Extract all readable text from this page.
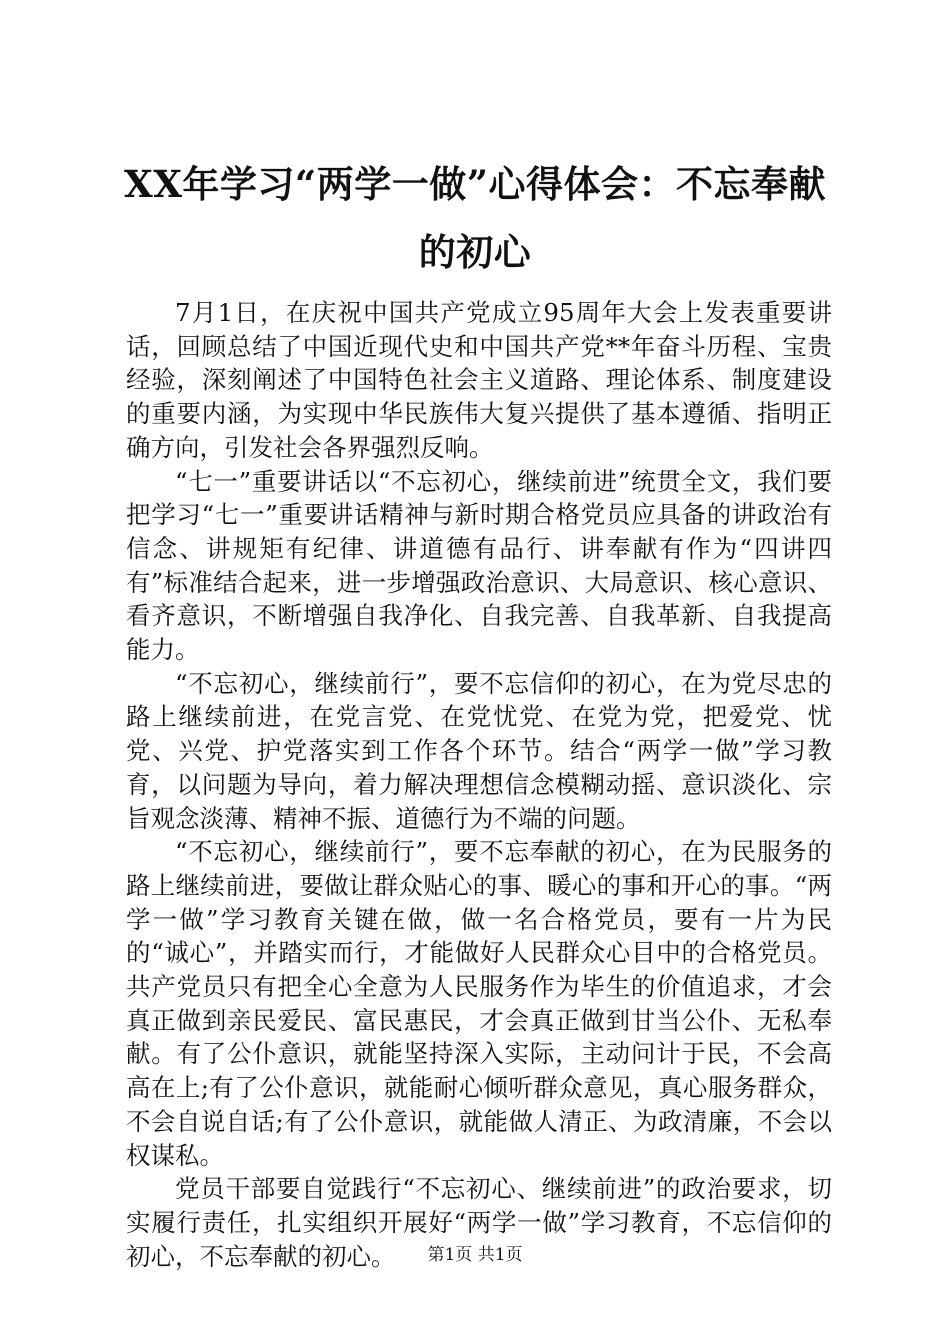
XX年学习“两学一做”心得体会：不忘奉献的初心

7月1日，在庆祝中国共产党成立95周年大会上发表重要讲话，回顾总结了中国近现代史和中国共产党**年奋斗历程、宝贵经验，深刻阐述了中国特色社会主义道路、理论体系、制度建设的重要内涵，为实现中华民族伟大复兴提供了基本遵循、指明正确方向，引发社会各界强烈反响。

“七一”重要讲话以“不忘初心，继续前进”统贯全文，我们要把学习“七一”重要讲话精神与新时期合格党员应具备的讲政治有信念、讲规矩有纪律、讲道德有品行、讲奉献有作为“四讲四有”标准结合起来，进一步增强政治意识、大局意识、核心意识、看齐意识，不断增强自我净化、自我完善、自我革新、自我提高能力。

“不忘初心，继续前行”，要不忘信仰的初心，在为党尽忠的路上继续前进，在党言党、在党忧党、在党为党，把爱党、忧党、兴党、护党落实到工作各个环节。结合“两学一做”学习教育，以问题为导向，着力解决理想信念模糊动摇、意识淡化、宗旨观念淡薄、精神不振、道德行为不端的问题。

“不忘初心，继续前行”，要不忘奉献的初心，在为民服务的路上继续前进，要做让群众贴心的事、暖心的事和开心的事。“两学一做”学习教育关键在做，做一名合格党员，要有一片为民的“诚心”，并踏实而行，才能做好人民群众心目中的合格党员。共产党员只有把全心全意为人民服务作为毕生的价值追求，才会真正做到亲民爱民、富民惠民，才会真正做到甘当公仆、无私奉献。有了公仆意识，就能坚持深入实际，主动问计于民，不会高高在上;有了公仆意识，就能耐心倾听群众意见，真心服务群众，不会自说自话;有了公仆意识，就能做人清正、为政清廉，不会以权谋私。

党员干部要自觉践行“不忘初心、继续前进”的政治要求，切实履行责任，扎实组织开展好“两学一做”学习教育，不忘信仰的初心，不忘奉献的初心。	第1页 共1页
